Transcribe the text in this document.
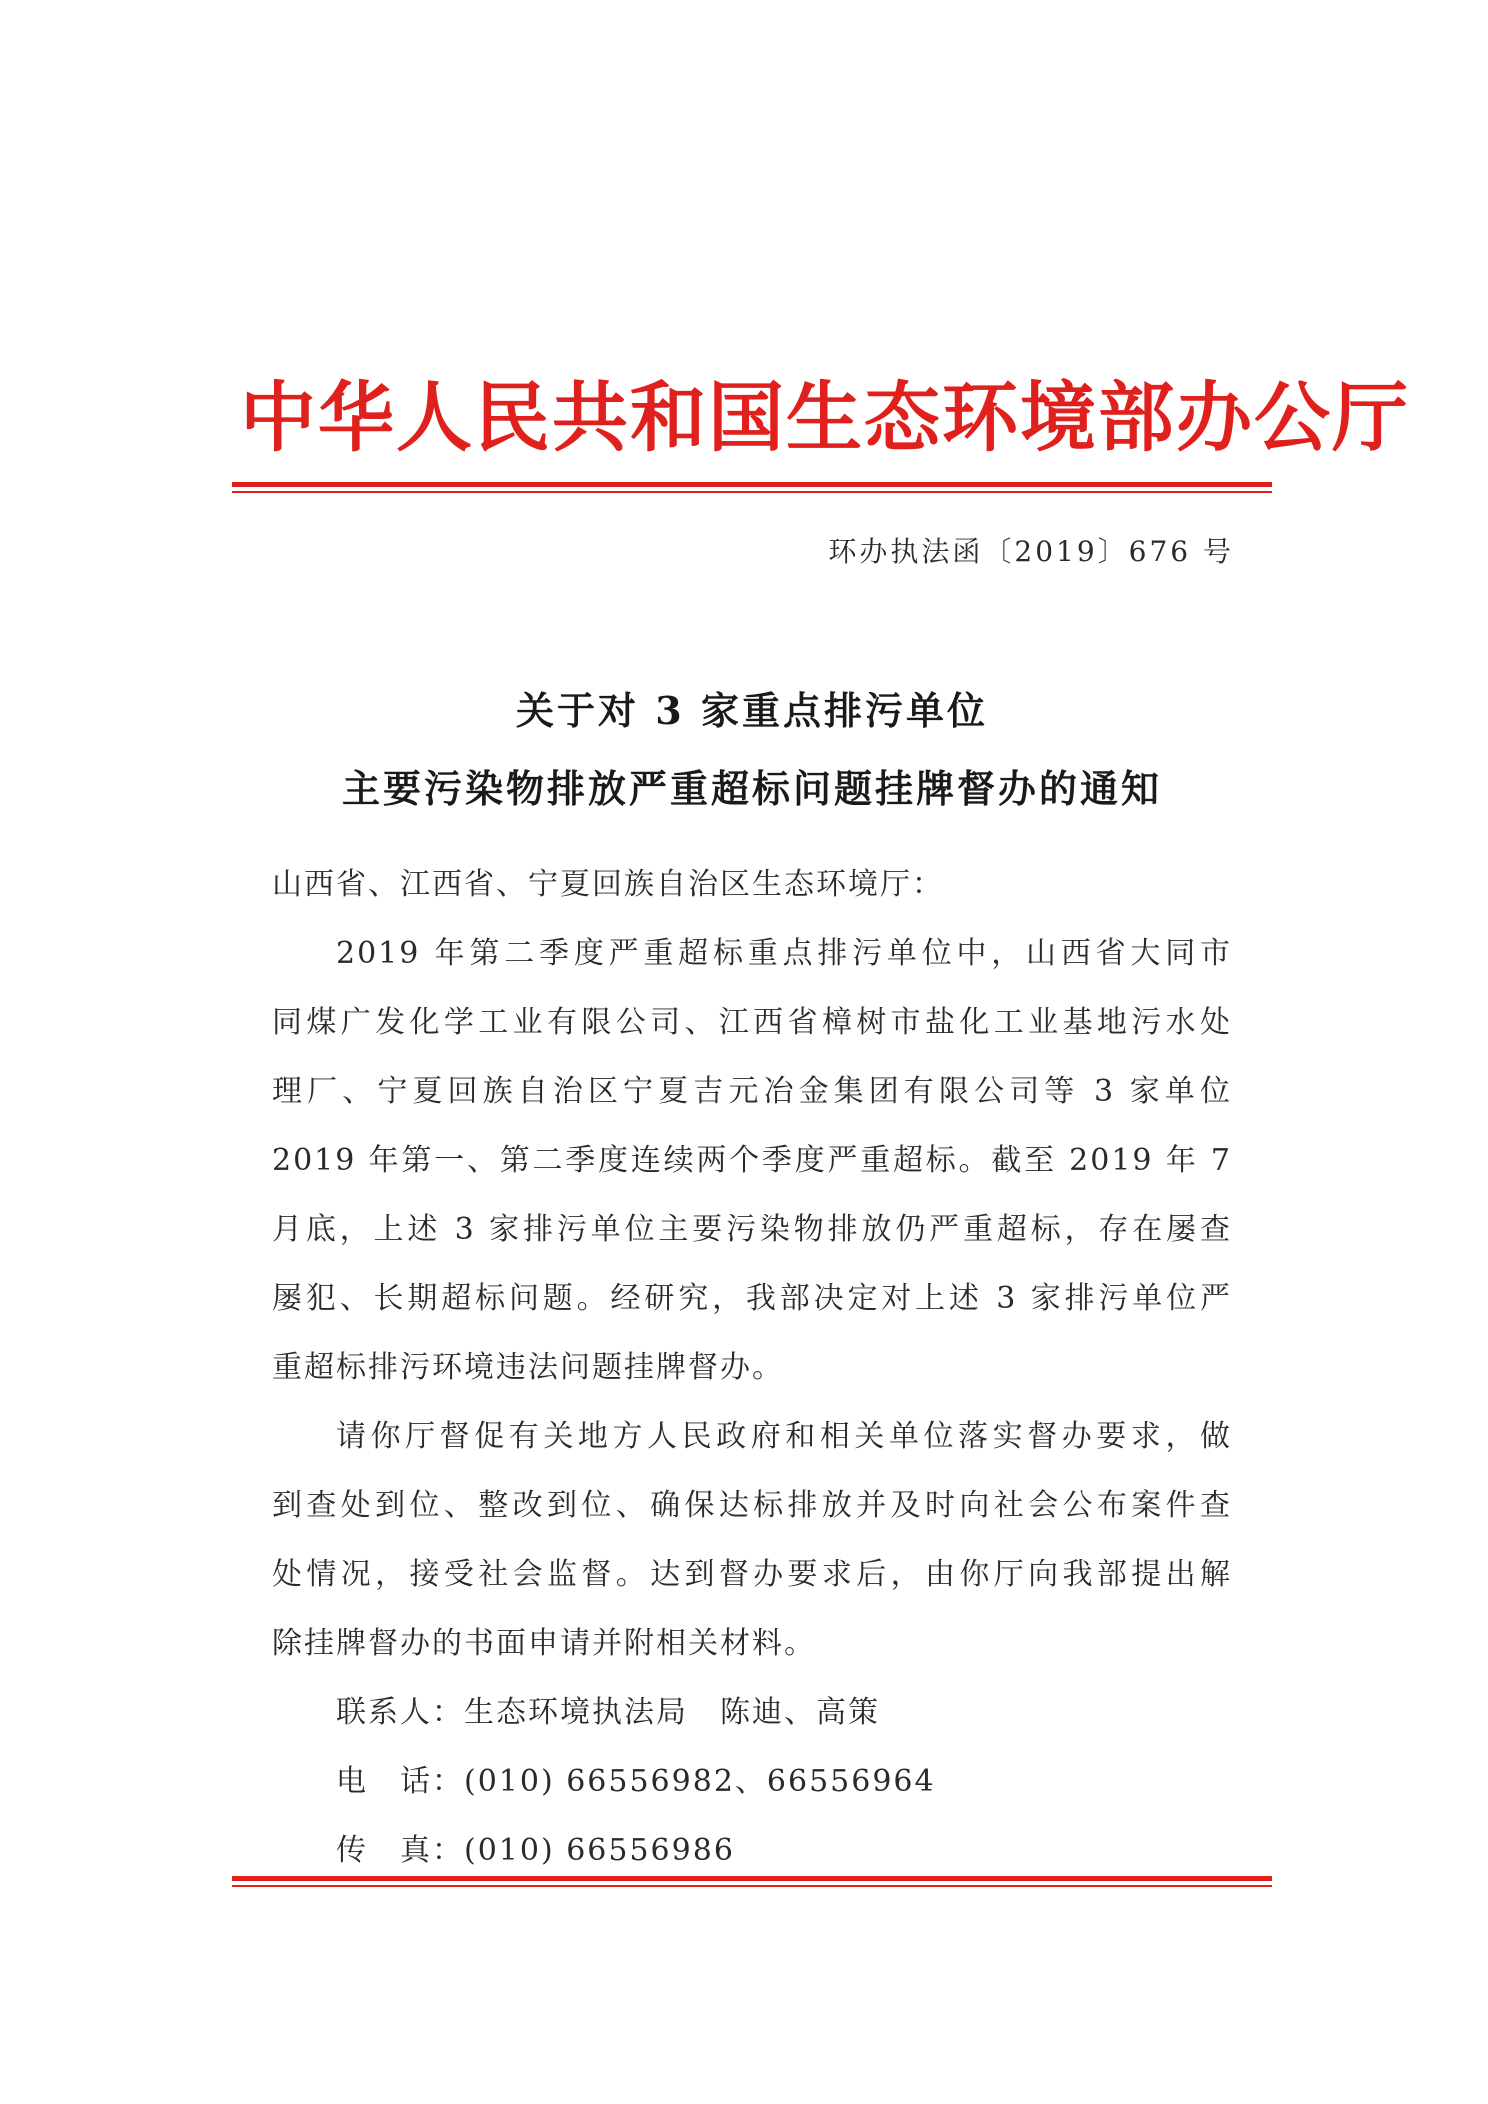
中华人民共和国生态环境部办公厅
环办执法函〔2019〕676 号
关于对 3 家重点排污单位
主要污染物排放严重超标问题挂牌督办的通知
山西省、江西省、宁夏回族自治区生态环境厅：
2019 年第二季度严重超标重点排污单位中，山西省大同市
同煤广发化学工业有限公司、江西省樟树市盐化工业基地污水处
理厂、宁夏回族自治区宁夏吉元冶金集团有限公司等 3 家单位
2019 年第一、第二季度连续两个季度严重超标。截至 2019 年 7
月底，上述 3 家排污单位主要污染物排放仍严重超标，存在屡查
屡犯、长期超标问题。经研究，我部决定对上述 3 家排污单位严
重超标排污环境违法问题挂牌督办。
请你厅督促有关地方人民政府和相关单位落实督办要求，做
到查处到位、整改到位、确保达标排放并及时向社会公布案件查
处情况，接受社会监督。达到督办要求后，由你厅向我部提出解
除挂牌督办的书面申请并附相关材料。
联系人：生态环境执法局　陈迪、高策
电　话：(010) 66556982、66556964
传　真：(010) 66556986
